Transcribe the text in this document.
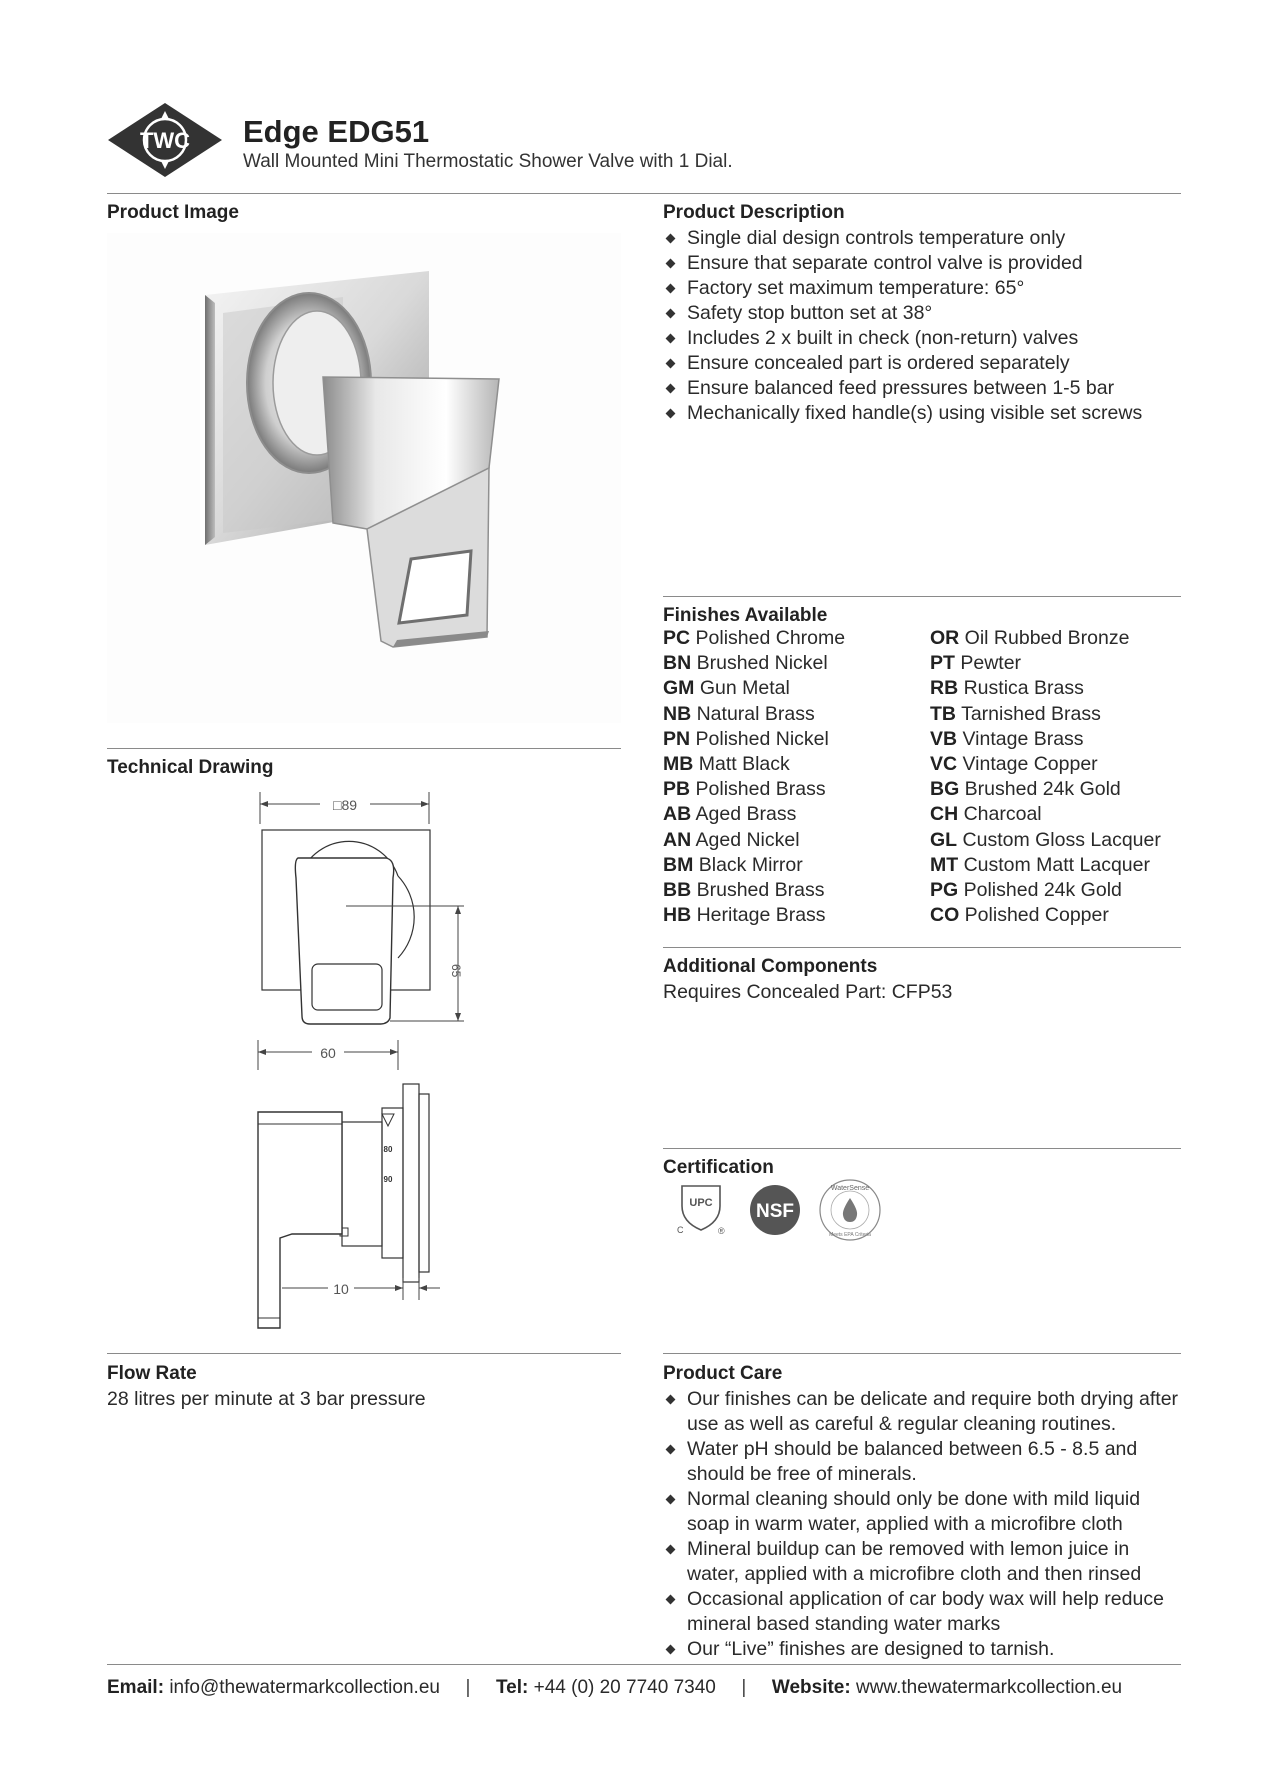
TWC Edge EDG51
Wall Mounted Mini Thermostatic Shower Valve with 1 Dial.
Product Image
Technical Drawing
□89
65
60
80
90
10
Flow Rate
28 litres per minute at 3 bar pressure
Product Description
Single dial design controls temperature only
Ensure that separate control valve is provided
Factory set maximum temperature: 65°
Safety stop button set at 38°
Includes 2 x built in check (non-return) valves
Ensure concealed part is ordered separately
Ensure balanced feed pressures between 1-5 bar
Mechanically fixed handle(s) using visible set screws
Finishes Available
PC Polished Chrome
BN Brushed Nickel
GM Gun Metal
NB Natural Brass
PN Polished Nickel
MB Matt Black
PB Polished Brass
AB Aged Brass
AN Aged Nickel
BM Black Mirror
BB Brushed Brass
HB Heritage Brass
OR Oil Rubbed Bronze
PT Pewter
RB Rustica Brass
TB Tarnished Brass
VB Vintage Brass
VC Vintage Copper
BG Brushed 24k Gold
CH Charcoal
GL Custom Gloss Lacquer
MT Custom Matt Lacquer
PG Polished 24k Gold
CO Polished Copper
Additional Components
Requires Concealed Part: CFP53
Certification
UPC
C	®
NSF
WaterSense
Meets EPA Criteria
Product Care
Our finishes can be delicate and require both drying after use as well as careful & regular cleaning routines.
Water pH should be balanced between 6.5 - 8.5 and should be free of minerals.
Normal cleaning should only be done with mild liquid soap in warm water, applied with a microfibre cloth
Mineral buildup can be removed with lemon juice in water, applied with a microfibre cloth and then rinsed
Occasional application of car body wax will help reduce mineral based standing water marks
Our “Live” finishes are designed to tarnish.
Email: info@thewatermarkcollection.eu | Tel: +44 (0) 20 7740 7340 | Website: www.thewatermarkcollection.eu
